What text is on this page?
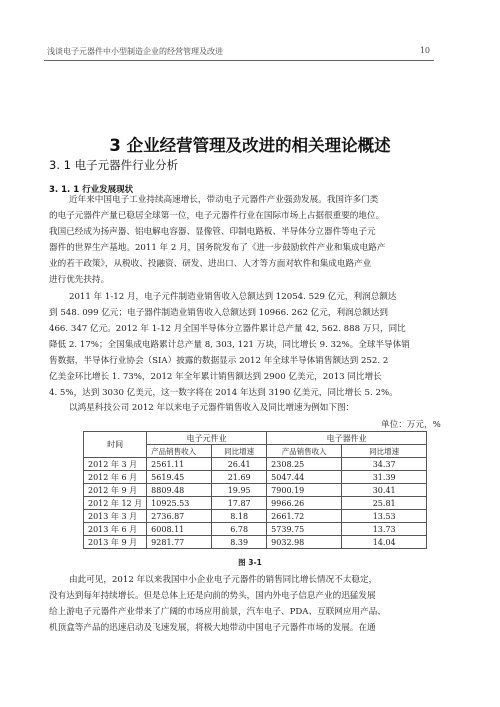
浅谈电子元器件中小型制造企业的经营管理及改进	10
3 企业经营管理及改进的相关理论概述
3. 1 电子元器件行业分析
3. 1. 1 行业发展现状
近年来中国电子工业持续高速增长，带动电子元器件产业强劲发展。我国许多门类
的电子元器件产量已稳居全球第一位，电子元器件行业在国际市场上占据很重要的地位。
我国已经成为扬声器、铝电解电容器、显像管、印制电路板、半导体分立器件等电子元
器件的世界生产基地。2011 年 2 月，国务院发布了《进一步鼓励软件产业和集成电路产
业的若干政策》，从税收、投融资、研发、进出口、人才等方面对软件和集成电路产业
进行优先扶持。
2011 年 1-12 月，电子元件制造业销售收入总额达到 12054. 529 亿元，利润总额达
到 548. 099 亿元；电子器件制造业销售收入总额达到 10966. 262 亿元，利润总额达到
466. 347 亿元。2012 年 1-12 月全国半导体分立器件累计总产量 42, 562. 888 万只，同比
降低 2. 17%；全国集成电路累计总产量 8, 303, 121 万块，同比增长 9. 32%。全球半导体销
售数据，半导体行业协会（SIA）披露的数据显示 2012 年全球半导体销售额达到 252. 2
亿美金环比增长 1. 73%，2012 年全年累计销售额达到 2900 亿美元，2013 同比增长
4. 5%，达到 3030 亿美元，这一数字将在 2014 年达到 3190 亿美元，同比增长 5. 2%。
以鸿星科技公司 2012 年以来电子元器件销售收入及同比增速为例如下图：
单位：万元，%
时间	电子元件业		电子器件业	
	产品销售收入	同比增速	产品销售收入	同比增速
2012 年 3 月	2561.11	26.41	2308.25	34.37
2012 年 6 月	5619.45	21.69	5047.44	31.39
2012 年 9 月	8809.48	19.95	7900.19	30.41
2012 年 12 月	10925.53	17.87	9966.26	25.81
2013 年 3 月	2736.87	8.18	2661.72	13.53
2013 年 6 月	6008.11	6.78	5739.75	13.73
2013 年 9 月	9281.77	8.39	9032.98	14.04
图 3-1
由此可见，2012 年以来我国中小企业电子元器件的销售同比增长情况不太稳定，
没有达到每年持续增长。但是总体上还是向前的势头，国内外电子信息产业的迅猛发展
给上游电子元器件产业带来了广阔的市场应用前景，汽车电子、PDA、互联网应用产品、
机顶盒等产品的迅速启动及飞速发展，将极大地带动中国电子元器件市场的发展。在通
